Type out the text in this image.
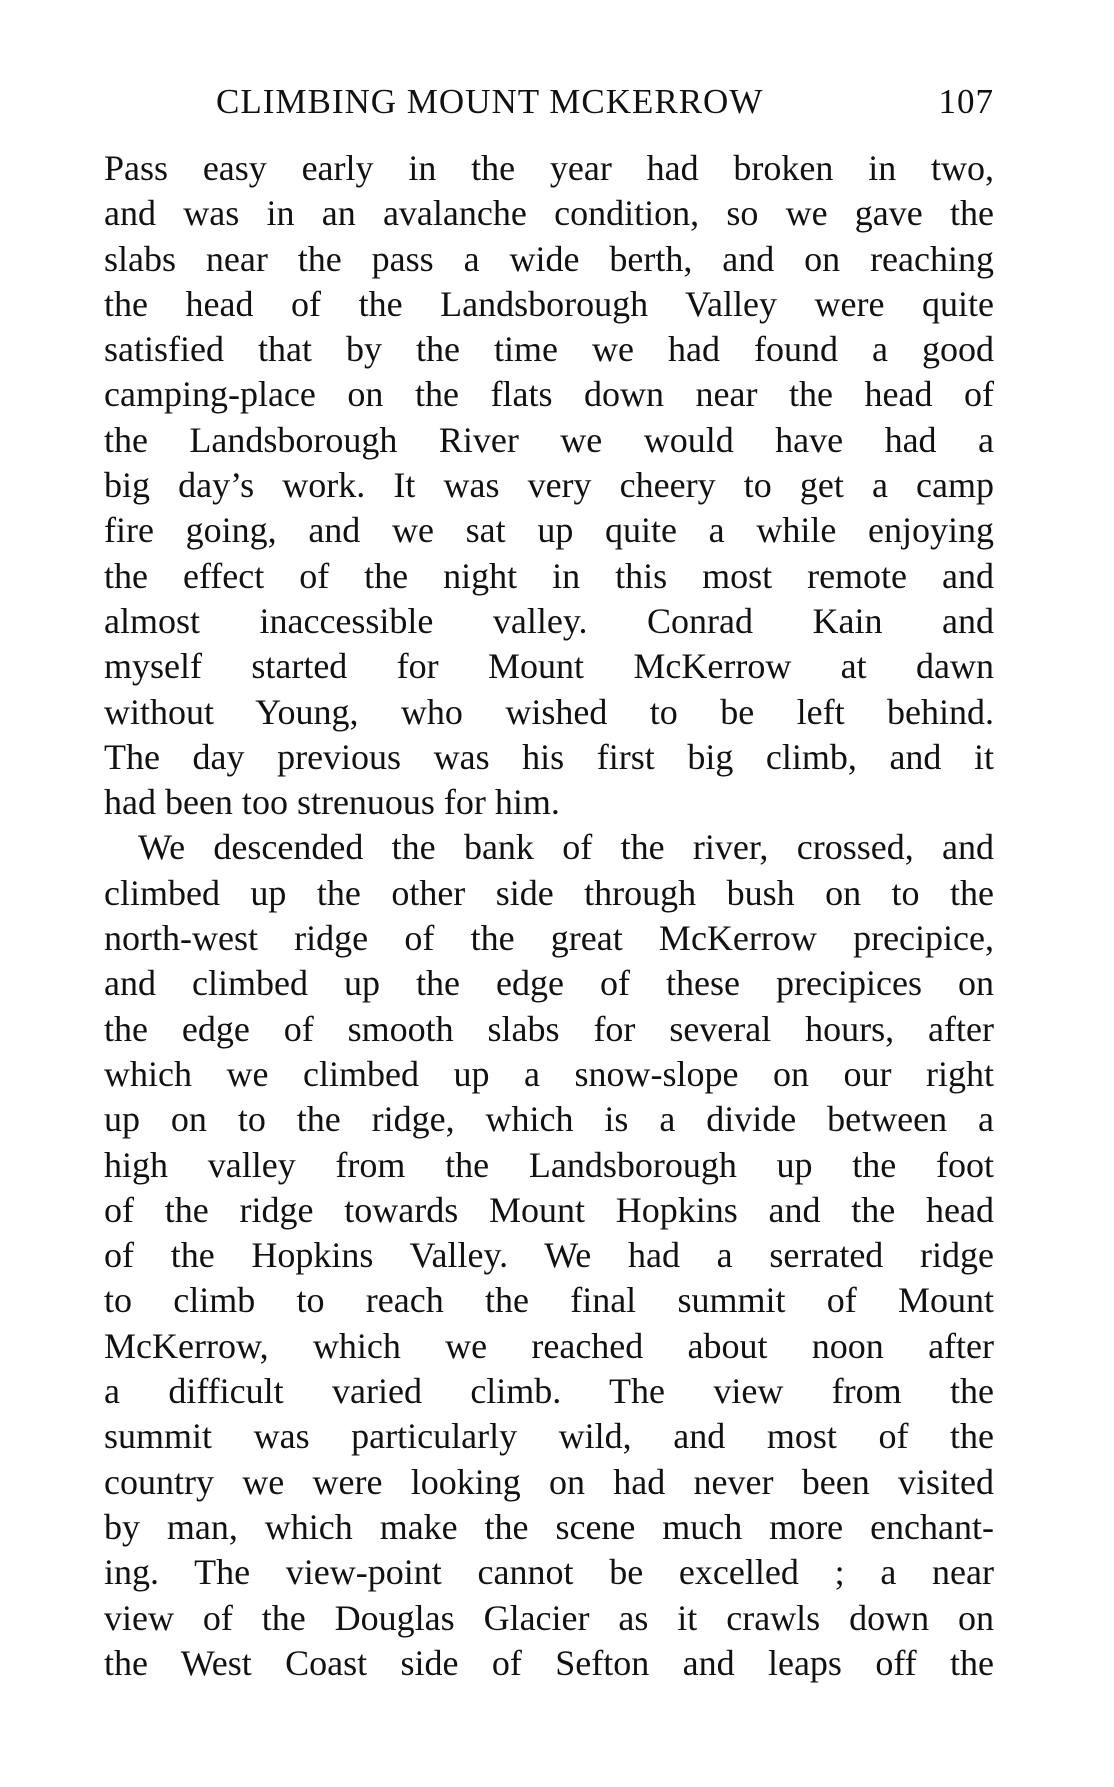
CLIMBING MOUNT MCKERROW	107
Pass easy early in the year had broken in two,
and was in an avalanche condition, so we gave the
slabs near the pass a wide berth, and on reaching
the head of the Landsborough Valley were quite
satisfied that by the time we had found a good
camping-place on the flats down near the head of
the Landsborough River we would have had a
big day’s work. It was very cheery to get a camp
fire going, and we sat up quite a while enjoying
the effect of the night in this most remote and
almost inaccessible valley. Conrad Kain and
myself started for Mount McKerrow at dawn
without Young, who wished to be left behind.
The day previous was his first big climb, and it
had been too strenuous for him.
We descended the bank of the river, crossed, and
climbed up the other side through bush on to the
north-west ridge of the great McKerrow precipice,
and climbed up the edge of these precipices on
the edge of smooth slabs for several hours, after
which we climbed up a snow-slope on our right
up on to the ridge, which is a divide between a
high valley from the Landsborough up the foot
of the ridge towards Mount Hopkins and the head
of the Hopkins Valley. We had a serrated ridge
to climb to reach the final summit of Mount
McKerrow, which we reached about noon after
a difficult varied climb. The view from the
summit was particularly wild, and most of the
country we were looking on had never been visited
by man, which make the scene much more enchant-
ing. The view-point cannot be excelled ; a near
view of the Douglas Glacier as it crawls down on
the West Coast side of Sefton and leaps off the
